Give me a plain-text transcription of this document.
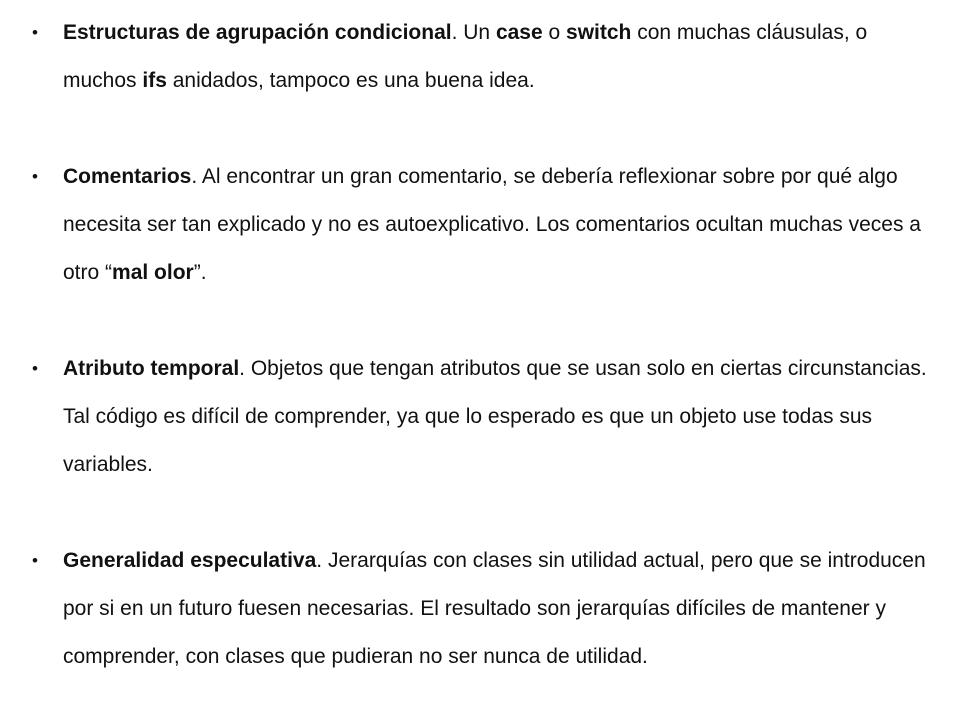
• Estructuras de agrupación condicional. Un case o switch con muchas cláusulas, o muchos ifs anidados, tampoco es una buena idea.
• Comentarios. Al encontrar un gran comentario, se debería reflexionar sobre por qué algo necesita ser tan explicado y no es autoexplicativo. Los comentarios ocultan muchas veces a otro “mal olor”.
• Atributo temporal. Objetos que tengan atributos que se usan solo en ciertas circunstancias. Tal código es difícil de comprender, ya que lo esperado es que un objeto use todas sus variables.
• Generalidad especulativa. Jerarquías con clases sin utilidad actual, pero que se introducen por si en un futuro fuesen necesarias. El resultado son jerarquías difíciles de mantener y comprender, con clases que pudieran no ser nunca de utilidad.
